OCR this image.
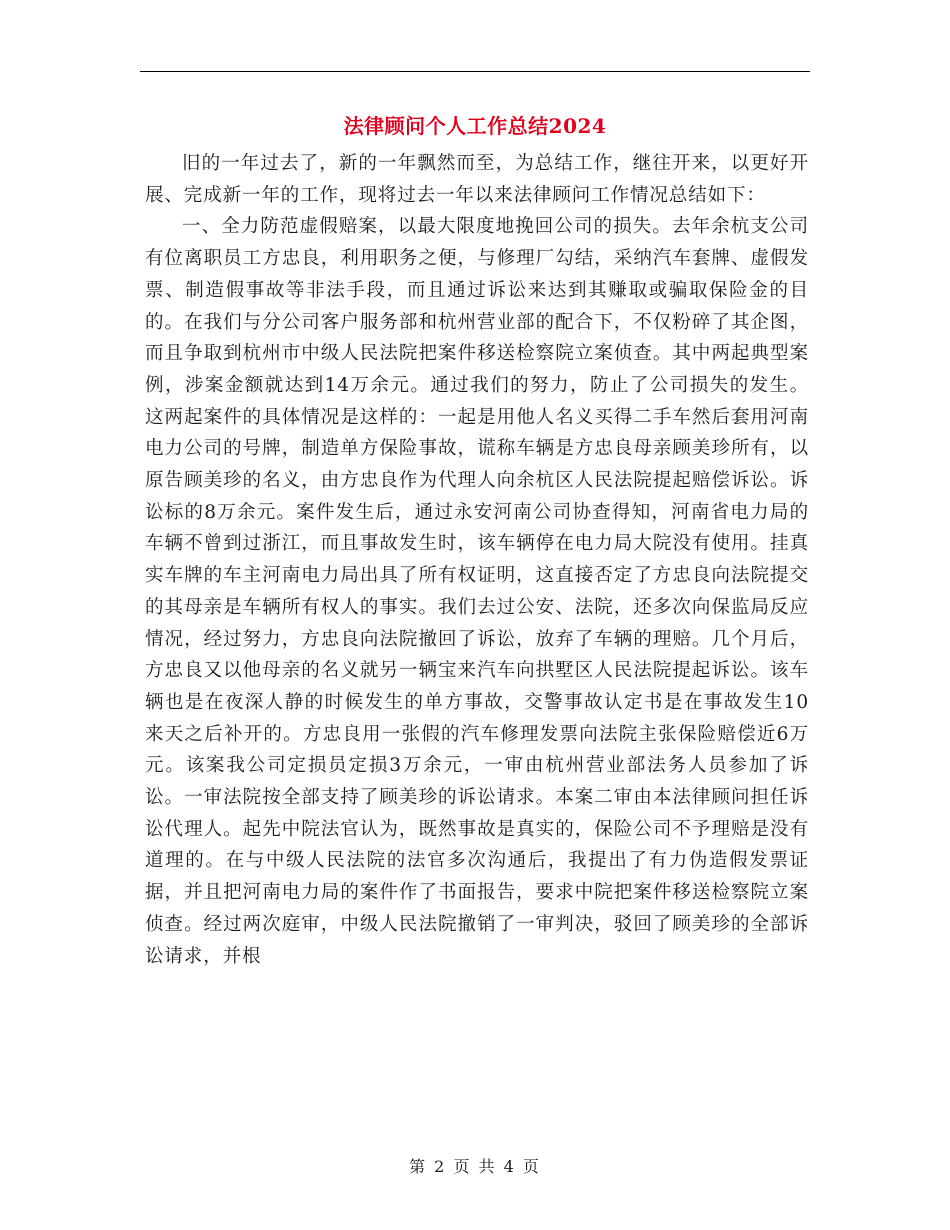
法律顾问个人工作总结2024

旧的一年过去了，新的一年飘然而至，为总结工作，继往开来，以更好开展、完成新一年的工作，现将过去一年以来法律顾问工作情况总结如下：

一、全力防范虚假赔案，以最大限度地挽回公司的损失。去年余杭支公司有位离职员工方忠良，利用职务之便，与修理厂勾结，采纳汽车套牌、虚假发票、制造假事故等非法手段，而且通过诉讼来达到其赚取或骗取保险金的目的。在我们与分公司客户服务部和杭州营业部的配合下，不仅粉碎了其企图，而且争取到杭州市中级人民法院把案件移送检察院立案侦查。其中两起典型案例，涉案金额就达到14万余元。通过我们的努力，防止了公司损失的发生。这两起案件的具体情况是这样的：一起是用他人名义买得二手车然后套用河南电力公司的号牌，制造单方保险事故，谎称车辆是方忠良母亲顾美珍所有，以原告顾美珍的名义，由方忠良作为代理人向余杭区人民法院提起赔偿诉讼。诉讼标的8万余元。案件发生后，通过永安河南公司协查得知，河南省电力局的车辆不曾到过浙江，而且事故发生时，该车辆停在电力局大院没有使用。挂真实车牌的车主河南电力局出具了所有权证明，这直接否定了方忠良向法院提交的其母亲是车辆所有权人的事实。我们去过公安、法院，还多次向保监局反应情况，经过努力，方忠良向法院撤回了诉讼，放弃了车辆的理赔。几个月后，方忠良又以他母亲的名义就另一辆宝来汽车向拱墅区人民法院提起诉讼。该车辆也是在夜深人静的时候发生的单方事故，交警事故认定书是在事故发生10来天之后补开的。方忠良用一张假的汽车修理发票向法院主张保险赔偿近6万元。该案我公司定损员定损3万余元，一审由杭州营业部法务人员参加了诉讼。一审法院按全部支持了顾美珍的诉讼请求。本案二审由本法律顾问担任诉讼代理人。起先中院法官认为，既然事故是真实的，保险公司不予理赔是没有道理的。在与中级人民法院的法官多次沟通后，我提出了有力伪造假发票证据，并且把河南电力局的案件作了书面报告，要求中院把案件移送检察院立案侦查。经过两次庭审，中级人民法院撤销了一审判决，驳回了顾美珍的全部诉讼请求，并根

第 2 页 共 4 页
